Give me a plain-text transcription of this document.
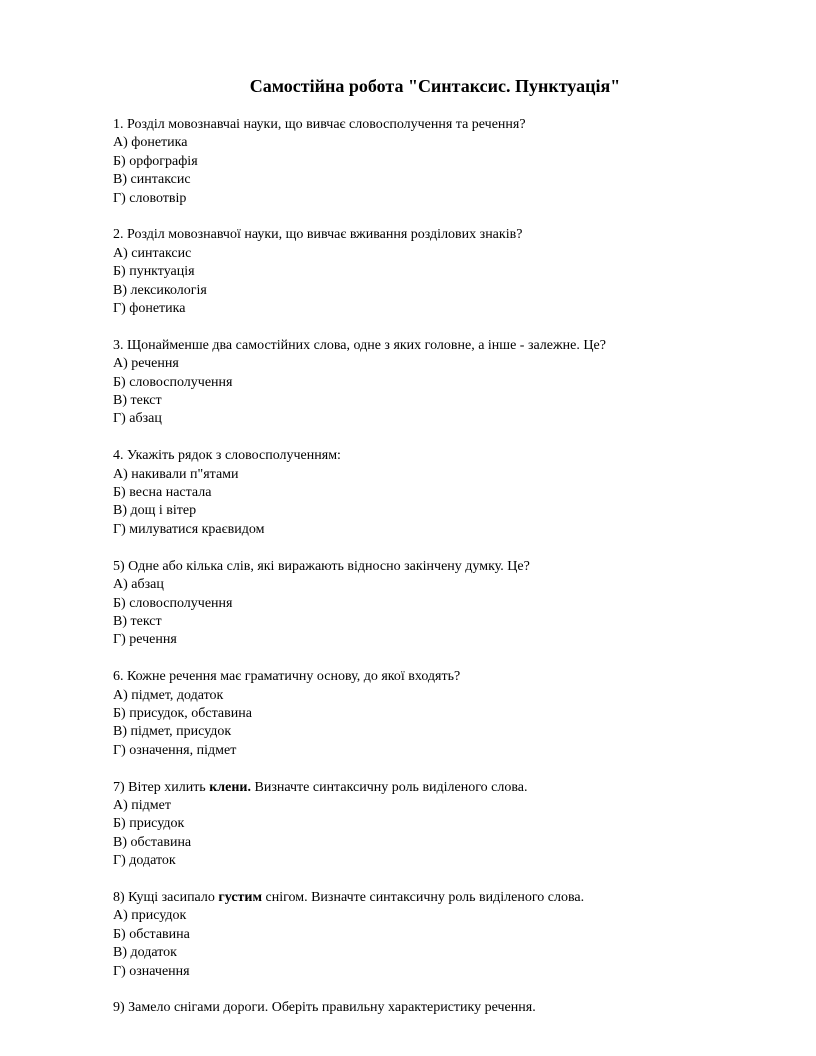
Самостійна робота "Синтаксис. Пунктуація"
1. Розділ мовознавчаі науки, що вивчає словосполучення та речення?
А) фонетика
Б) орфографія
В) синтаксис
Г) словотвір
2. Розділ мовознавчої науки, що вивчає вживання розділових знаків?
А) синтаксис
Б) пунктуація
В) лексикологія
Г) фонетика
3. Щонайменше два самостійних слова, одне з яких головне, а інше - залежне. Це?
А) речення
Б) словосполучення
В) текст
Г) абзац
4. Укажіть рядок з словосполученням:
А) накивали п"ятами
Б) весна настала
В) дощ і вітер
Г) милуватися краєвидом
5) Одне або кілька слів, які виражають відносно закінчену думку. Це?
А) абзац
Б) словосполучення
В) текст
Г) речення
6. Кожне речення має граматичну основу, до якої входять?
А) підмет, додаток
Б) присудок, обставина
В) підмет, присудок
Г) означення, підмет
7) Вітер хилить клени. Визначте синтаксичну роль виділеного слова.
А) підмет
Б) присудок
В) обставина
Г) додаток
8) Кущі засипало густим снігом. Визначте синтаксичну роль виділеного слова.
А) присудок
Б) обставина
В) додаток
Г) означення
9) Замело снігами дороги. Оберіть правильну характеристику речення.
